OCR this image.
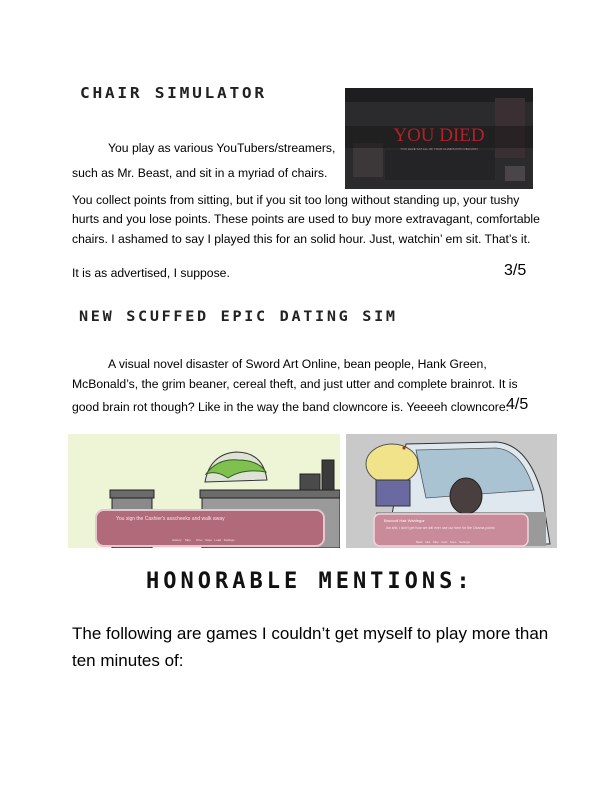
CHAIR SIMULATOR
YOU DIED
YOU HAVE SAT ALL OF YOUR CHAIRS INTO OBLIVION
You play as various YouTubers/streamers,
such as Mr. Beast, and sit in a myriad of chairs.
You collect points from sitting, but if you sit too long without standing up, your tushy
hurts and you lose points. These points are used to buy more extravagant, comfortable
chairs. I ashamed to say I played this for an solid hour. Just, watchin’ em sit. That’s it.
It is as advertised, I suppose.	3/5
NEW SCUFFED EPIC DATING SIM
A visual novel disaster of Sword Art Online, bean people, Hank Green,
McBonald’s, the grim beaner, cereal theft, and just utter and complete brainrot. It is
good brain rot though? Like in the way the band clowncore is. Yeeeeh clowncore.
4/5
You sign the Cashier's asscheeks and walk away
History Skip Prev Save Load Settings
Broccoli Hair Wahlegur
Aw shit, I don't get how we will ever use our time for the Obama points
Back Hist Skip Auto Save Settings
HONORABLE MENTIONS:
The following are games I couldn’t get myself to play more than
ten minutes of:
